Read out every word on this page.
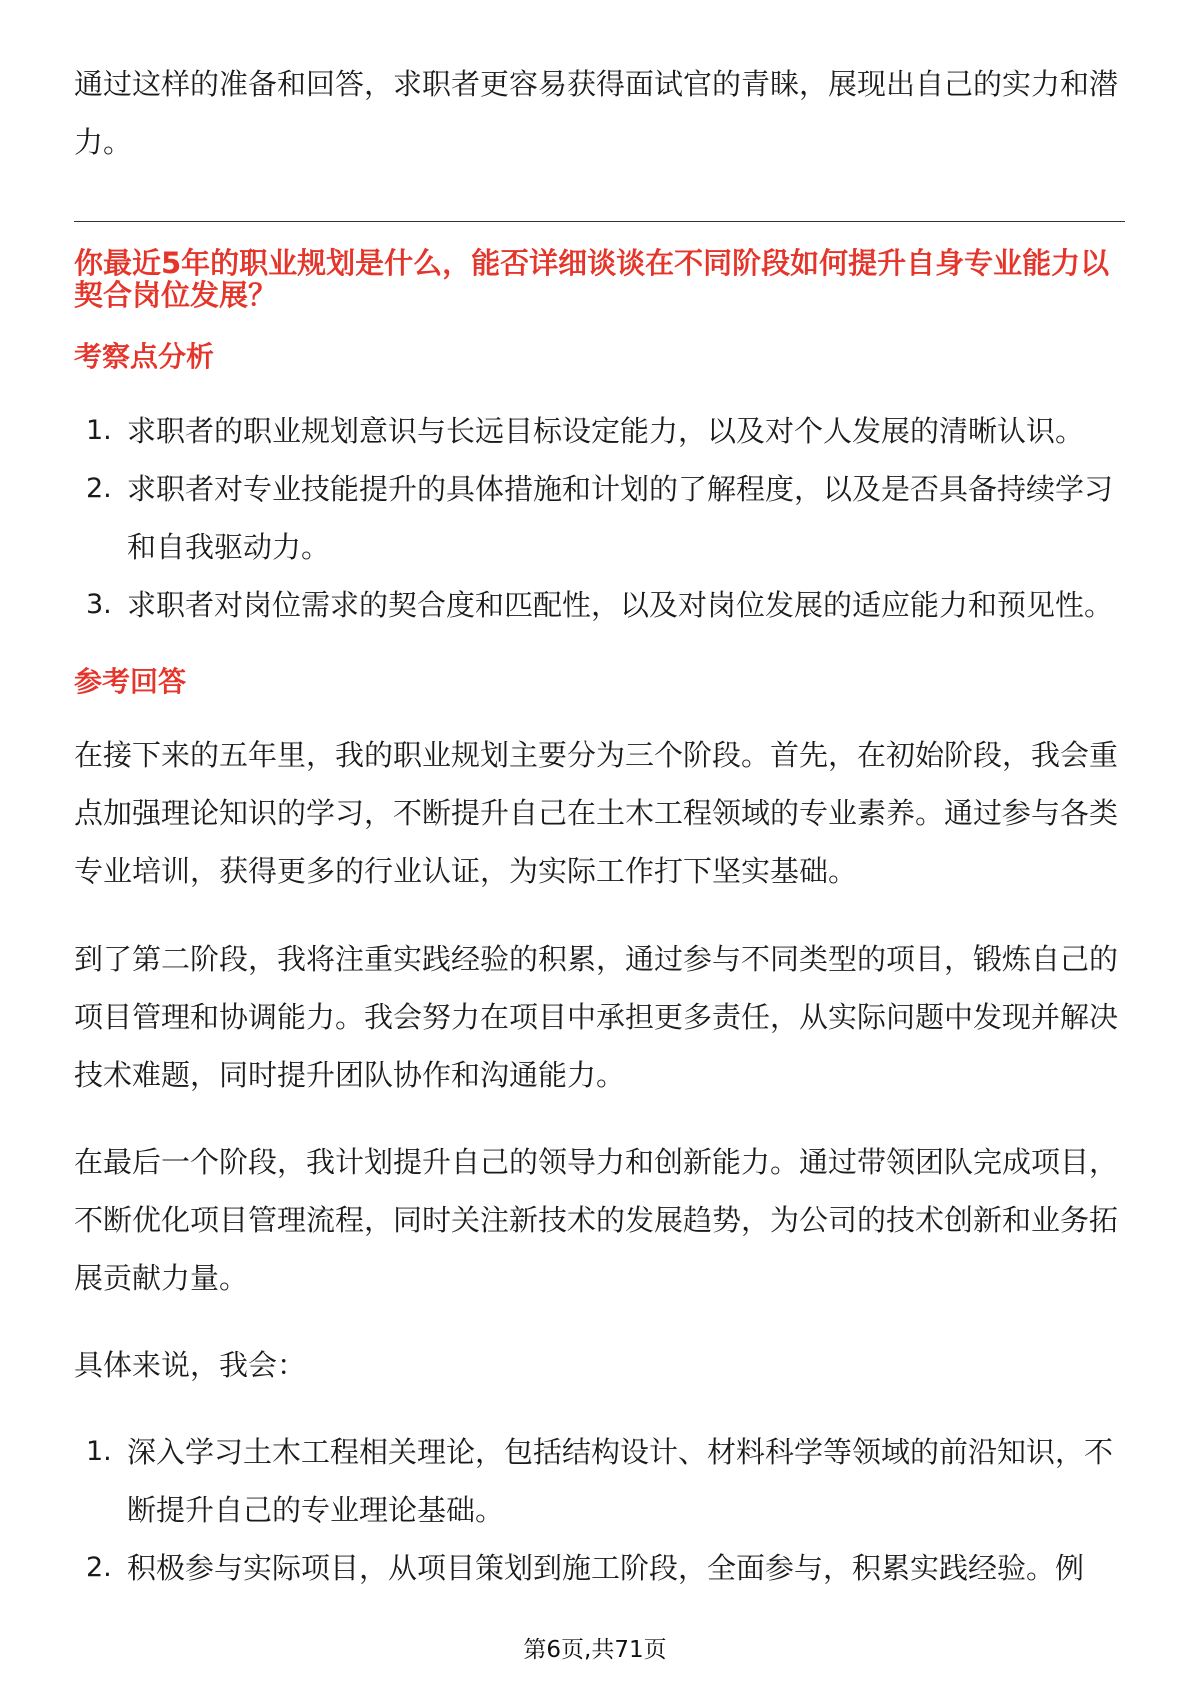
通过这样的准备和回答，求职者更容易获得面试官的青睐，展现出自己的实力和潜
力。
你最近5年的职业规划是什么，能否详细谈谈在不同阶段如何提升自身专业能力以
契合岗位发展？
考察点分析
1. 求职者的职业规划意识与长远目标设定能力，以及对个人发展的清晰认识。
2. 求职者对专业技能提升的具体措施和计划的了解程度，以及是否具备持续学习
和自我驱动力。
3. 求职者对岗位需求的契合度和匹配性，以及对岗位发展的适应能力和预见性。
参考回答
在接下来的五年里，我的职业规划主要分为三个阶段。首先，在初始阶段，我会重
点加强理论知识的学习，不断提升自己在土木工程领域的专业素养。通过参与各类
专业培训，获得更多的行业认证，为实际工作打下坚实基础。
到了第二阶段，我将注重实践经验的积累，通过参与不同类型的项目，锻炼自己的
项目管理和协调能力。我会努力在项目中承担更多责任，从实际问题中发现并解决
技术难题，同时提升团队协作和沟通能力。
在最后一个阶段，我计划提升自己的领导力和创新能力。通过带领团队完成项目，
不断优化项目管理流程，同时关注新技术的发展趋势，为公司的技术创新和业务拓
展贡献力量。
具体来说，我会：
1. 深入学习土木工程相关理论，包括结构设计、材料科学等领域的前沿知识，不
断提升自己的专业理论基础。
2. 积极参与实际项目，从项目策划到施工阶段，全面参与，积累实践经验。例
第6页,共71页
